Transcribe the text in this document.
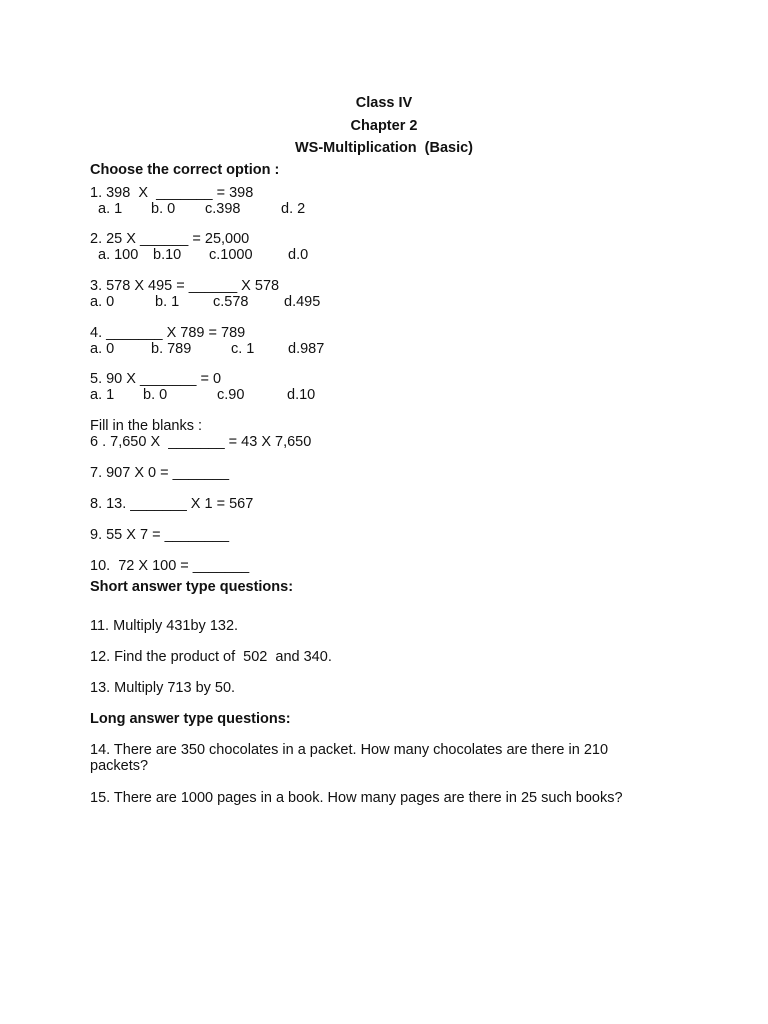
Class IV
Chapter 2
WS-Multiplication  (Basic)
Choose the correct option :
1. 398  X  _______ = 398
a. 1 b. 0 c.398	d. 2
2. 25 X ______ = 25,000
a. 100 b.10 c.1000 d.0
3. 578 X 495 = ______ X 578
a. 0	b. 1 c.578 d.495
4. _______ X 789 = 789
a. 0	b. 789	c. 1 d.987
5. 90 X _______ = 0
a. 1 b. 0	c.90	d.10
Fill in the blanks :
6 . 7,650 X  _______ = 43 X 7,650
7. 907 X 0 = _______
8. 13. _______ X 1 = 567
9. 55 X 7 = ________
10.  72 X 100 = _______
Short answer type questions:
11. Multiply 431by 132.
12. Find the product of  502  and 340.
13. Multiply 713 by 50.
Long answer type questions:
14. There are 350 chocolates in a packet. How many chocolates are there in 210
packets?
15. There are 1000 pages in a book. How many pages are there in 25 such books?
